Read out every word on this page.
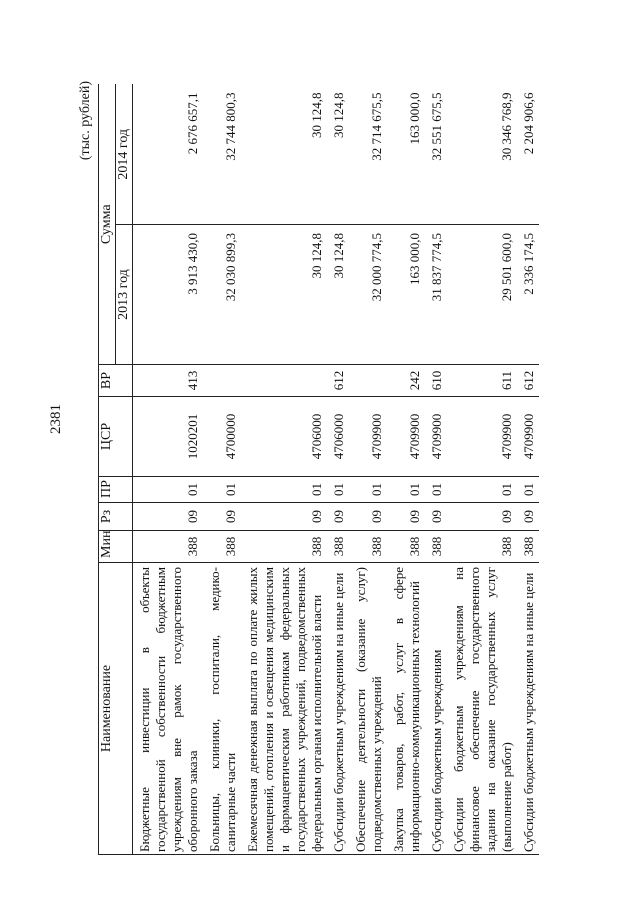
2381
(тыс. рублей)
Наименование	Мин	Рз	ПР	ЦСР	ВР	Сумма	
						2013 год	2014 год
Бюджетные инвестиции в объекты государственной собственности бюджетным учреждениям вне рамок государственного оборонного заказа	388	09	01	1020201	413	3 913 430,0	2 676 657,1
Больницы, клиники, госпитали, медико-санитарные части	388	09	01	4700000		32 030 899,3	32 744 800,3
Ежемесячная денежная выплата по оплате жилых помещений, отопления и освещения медицинским и фармацевтическим работникам федеральных государственных учреждений, подведомственных федеральным органам исполнительной власти	388	09	01	4706000		30 124,8	30 124,8
Субсидии бюджетным учреждениям на иные цели	388	09	01	4706000	612	30 124,8	30 124,8
Обеспечение деятельности (оказание услуг) подведомственных учреждений	388	09	01	4709900		32 000 774,5	32 714 675,5
Закупка товаров, работ, услуг в сфере информационно-коммуникационных технологий	388	09	01	4709900	242	163 000,0	163 000,0
Субсидии бюджетным учреждениям	388	09	01	4709900	610	31 837 774,5	32 551 675,5
Субсидии бюджетным учреждениям на финансовое обеспечение государственного задания на оказание государственных услуг (выполнение работ)	388	09	01	4709900	611	29 501 600,0	30 346 768,9
Субсидии бюджетным учреждениям на иные цели	388	09	01	4709900	612	2 336 174,5	2 204 906,6
